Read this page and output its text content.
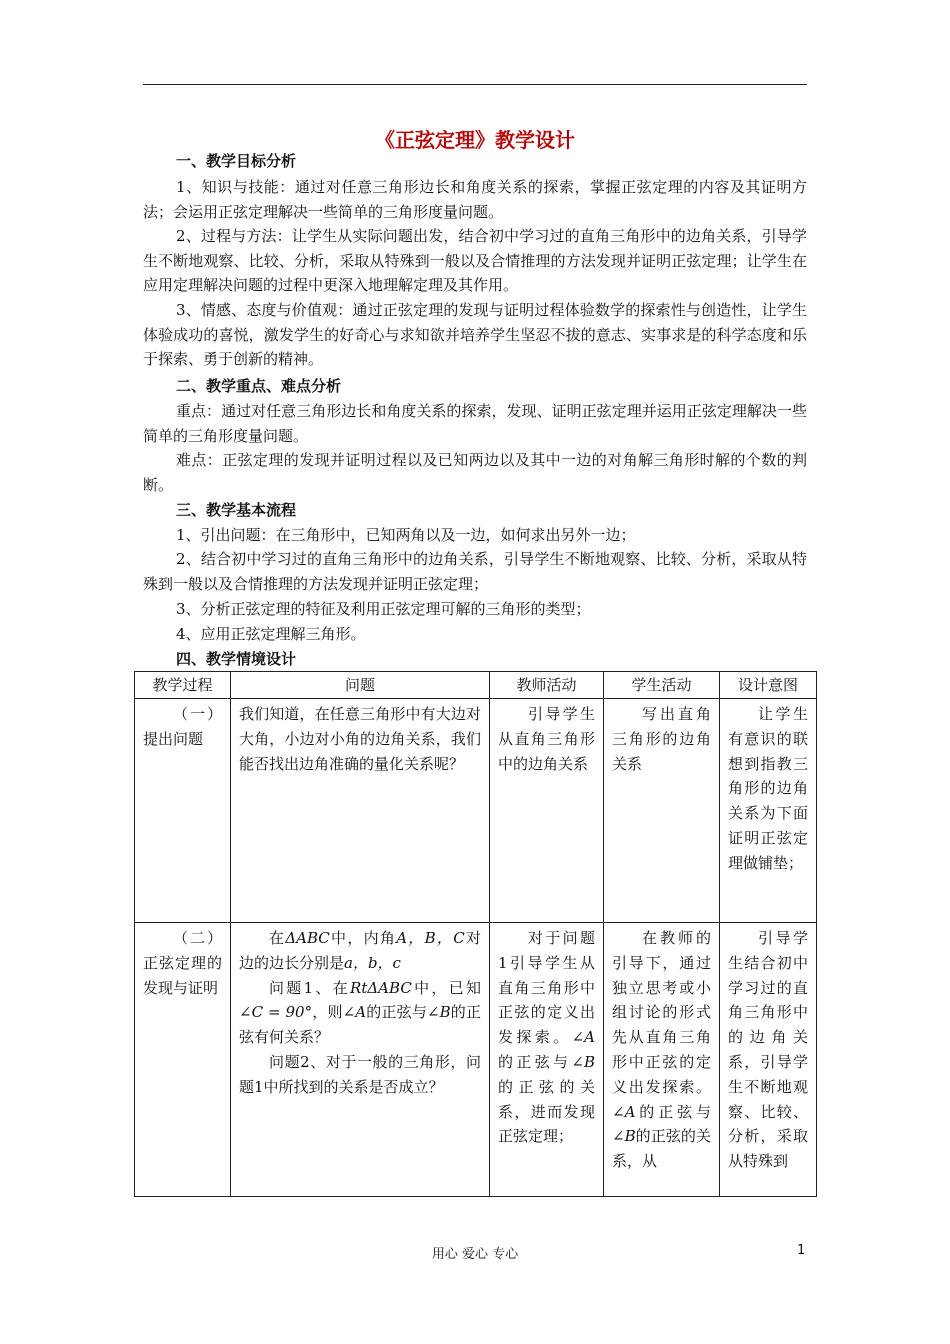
《正弦定理》教学设计
一、教学目标分析
1、知识与技能：通过对任意三角形边长和角度关系的探索，掌握正弦定理的内容及其证明方法；会运用正弦定理解决一些简单的三角形度量问题。
2、过程与方法：让学生从实际问题出发，结合初中学习过的直角三角形中的边角关系，引导学生不断地观察、比较、分析，采取从特殊到一般以及合情推理的方法发现并证明正弦定理；让学生在应用定理解决问题的过程中更深入地理解定理及其作用。
3、情感、态度与价值观：通过正弦定理的发现与证明过程体验数学的探索性与创造性，让学生体验成功的喜悦，激发学生的好奇心与求知欲并培养学生坚忍不拔的意志、实事求是的科学态度和乐于探索、勇于创新的精神。
二、教学重点、难点分析
重点：通过对任意三角形边长和角度关系的探索，发现、证明正弦定理并运用正弦定理解决一些简单的三角形度量问题。
难点：正弦定理的发现并证明过程以及已知两边以及其中一边的对角解三角形时解的个数的判断。
三、教学基本流程
1、引出问题：在三角形中，已知两角以及一边，如何求出另外一边；
2、结合初中学习过的直角三角形中的边角关系，引导学生不断地观察、比较、分析，采取从特殊到一般以及合情推理的方法发现并证明正弦定理；
3、分析正弦定理的特征及利用正弦定理可解的三角形的类型；
4、应用正弦定理解三角形。
四、教学情境设计
教学过程	问题	教师活动	学生活动	设计意图
（一）提出问题	我们知道，在任意三角形中有大边对大角，小边对小角的边角关系，我们能否找出边角准确的量化关系呢？	引导学生从直角三角形中的边角关系	写出直角三角形的边角关系	让学生有意识的联想到指教三角形的边角关系为下面证明正弦定理做铺垫；
（二）正弦定理的发现与证明	在ΔABC中，内角A，B，C对边的边长分别是a，b，c
问题1、在RtΔABC中，已知∠C = 90°，则∠A的正弦与∠B的正弦有何关系？
问题2、对于一般的三角形，问题1中所找到的关系是否成立？	对于问题1引导学生从直角三角形中正弦的定义出发探索。∠A的正弦与∠B的正弦的关系，进而发现正弦定理；	在教师的引导下，通过独立思考或小组讨论的形式先从直角三角形中正弦的定义出发探索。∠A的正弦与∠B的正弦的关系，从	引导学生结合初中学习过的直角三角形中的边角关系，引导学生不断地观察、比较、分析，采取从特殊到
用心 爱心 专心	1
